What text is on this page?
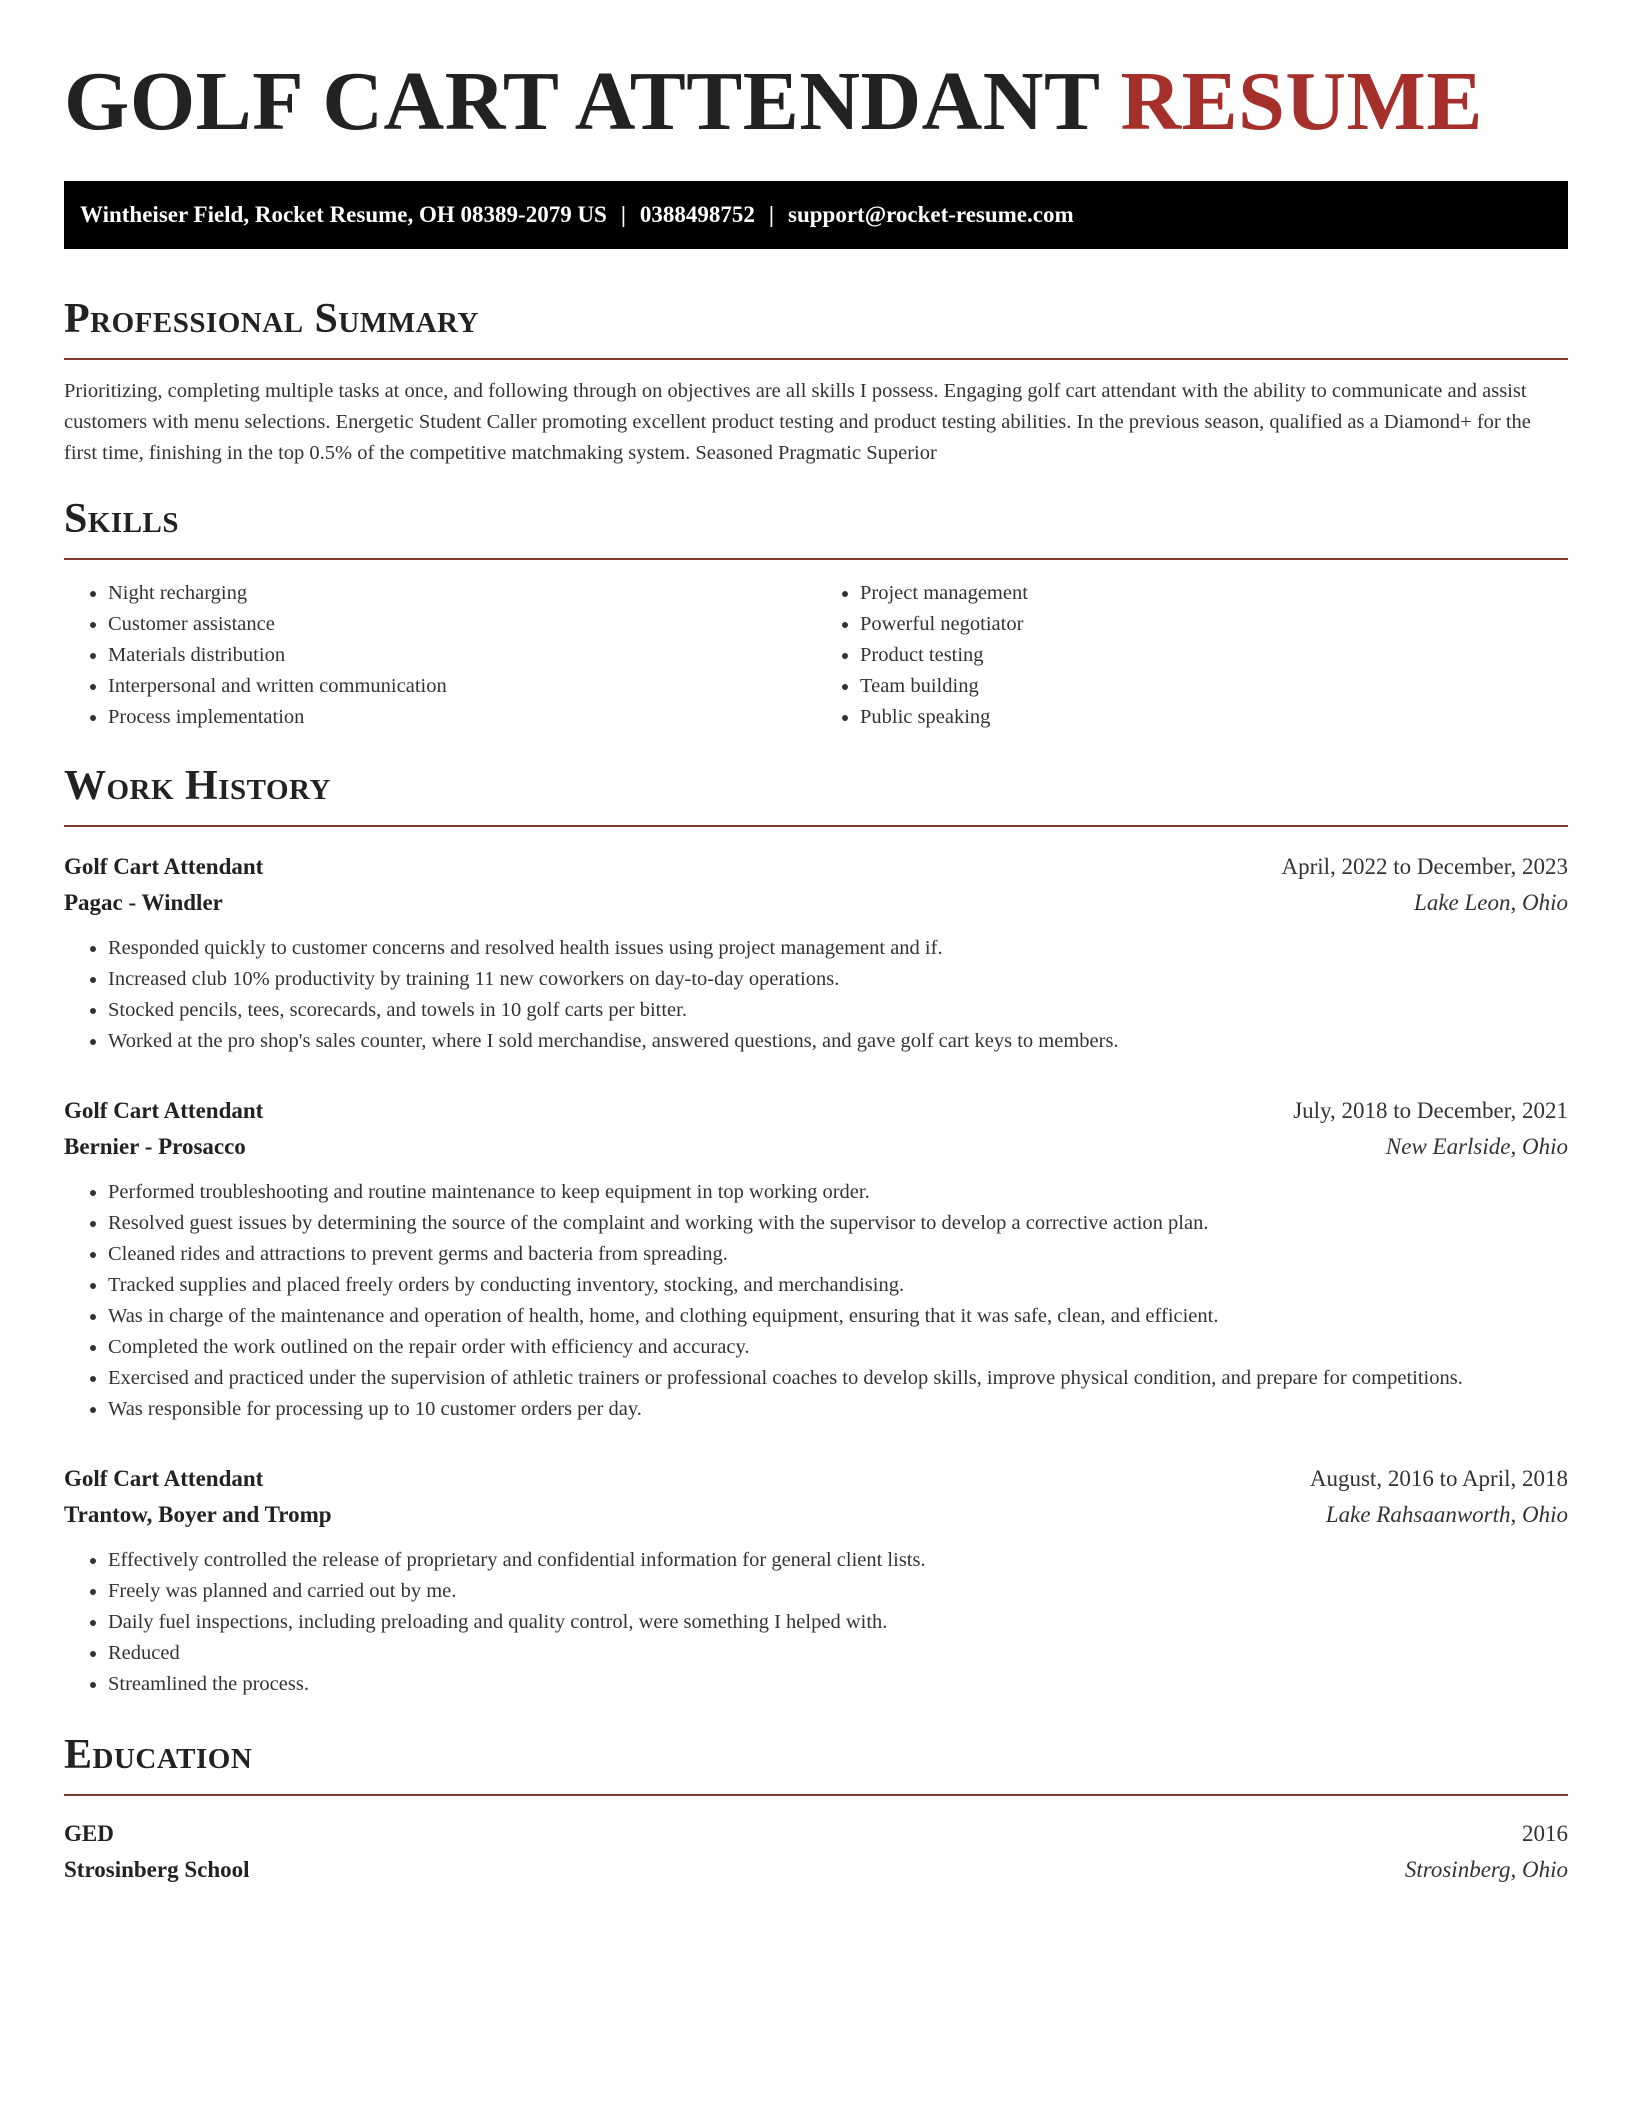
GOLF CART ATTENDANT RESUME
Wintheiser Field, Rocket Resume, OH 08389-2079 US | 0388498752 | support@rocket-resume.com
Professional Summary

Prioritizing, completing multiple tasks at once, and following through on objectives are all skills I possess. Engaging golf cart attendant with the ability to communicate and assist customers with menu selections. Energetic Student Caller promoting excellent product testing and product testing abilities. In the previous season, qualified as a Diamond+ for the first time, finishing in the top 0.5% of the competitive matchmaking system. Seasoned Pragmatic Superior

Skills
• Night recharging
• Customer assistance
• Materials distribution
• Interpersonal and written communication
• Process implementation
• Project management
• Powerful negotiator
• Product testing
• Team building
• Public speaking
Work History
Golf Cart Attendant	April, 2022 to December, 2023
Pagac - Windler	Lake Leon, Ohio
• Responded quickly to customer concerns and resolved health issues using project management and if.
• Increased club 10% productivity by training 11 new coworkers on day-to-day operations.
• Stocked pencils, tees, scorecards, and towels in 10 golf carts per bitter.
• Worked at the pro shop's sales counter, where I sold merchandise, answered questions, and gave golf cart keys to members.
Golf Cart Attendant	July, 2018 to December, 2021
Bernier - Prosacco	New Earlside, Ohio
• Performed troubleshooting and routine maintenance to keep equipment in top working order.
• Resolved guest issues by determining the source of the complaint and working with the supervisor to develop a corrective action plan.
• Cleaned rides and attractions to prevent germs and bacteria from spreading.
• Tracked supplies and placed freely orders by conducting inventory, stocking, and merchandising.
• Was in charge of the maintenance and operation of health, home, and clothing equipment, ensuring that it was safe, clean, and efficient.
• Completed the work outlined on the repair order with efficiency and accuracy.
• Exercised and practiced under the supervision of athletic trainers or professional coaches to develop skills, improve physical condition, and prepare for competitions.
• Was responsible for processing up to 10 customer orders per day.
Golf Cart Attendant	August, 2016 to April, 2018
Trantow, Boyer and Tromp	Lake Rahsaanworth, Ohio
• Effectively controlled the release of proprietary and confidential information for general client lists.
• Freely was planned and carried out by me.
• Daily fuel inspections, including preloading and quality control, were something I helped with.
• Reduced
• Streamlined the process.
Education
GED	2016
Strosinberg School	Strosinberg, Ohio
